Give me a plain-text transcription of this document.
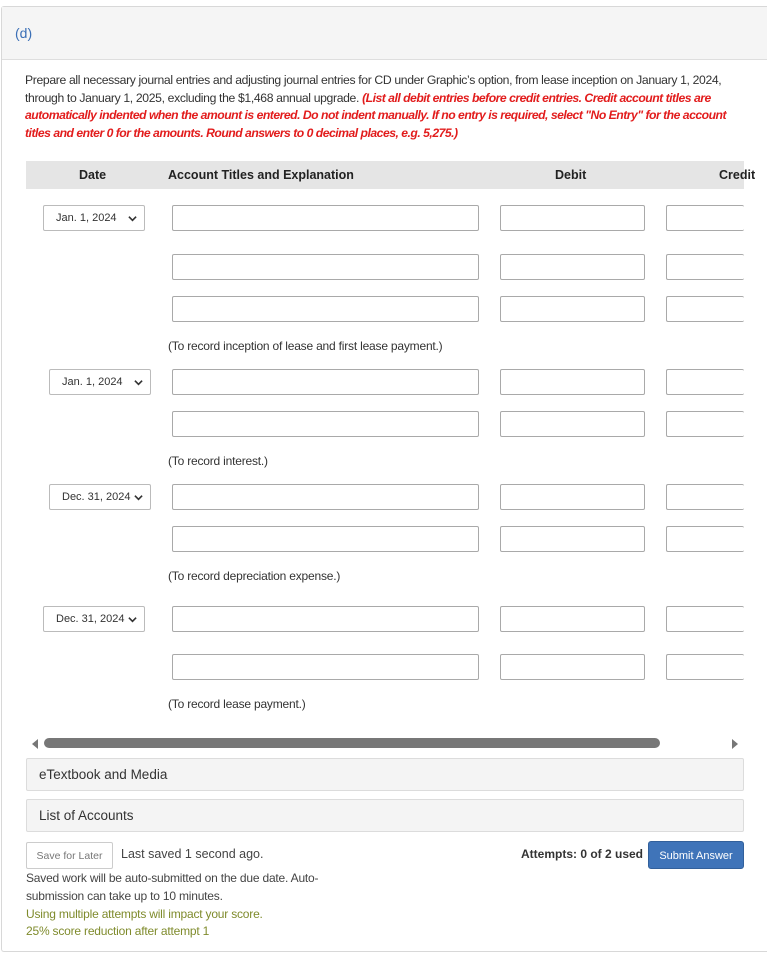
(d)
Prepare all necessary journal entries and adjusting journal entries for CD under Graphic’s option, from lease inception on January 1, 2024, through to January 1, 2025, excluding the $1,468 annual upgrade. (List all debit entries before credit entries. Credit account titles are automatically indented when the amount is entered. Do not indent manually. If no entry is required, select "No Entry" for the account titles and enter 0 for the amounts. Round answers to 0 decimal places, e.g. 5,275.)
Date	Account Titles and Explanation	Debit	Credit
Jan. 1, 2024
(To record inception of lease and first lease payment.)
Jan. 1, 2024
(To record interest.)
Dec. 31, 2024
(To record depreciation expense.)
Dec. 31, 2024
(To record lease payment.)
eTextbook and Media
List of Accounts
Save for Later	Last saved 1 second ago.	Attempts: 0 of 2 used	Submit Answer
Saved work will be auto-submitted on the due date. Auto-
submission can take up to 10 minutes.
Using multiple attempts will impact your score.
25% score reduction after attempt 1
